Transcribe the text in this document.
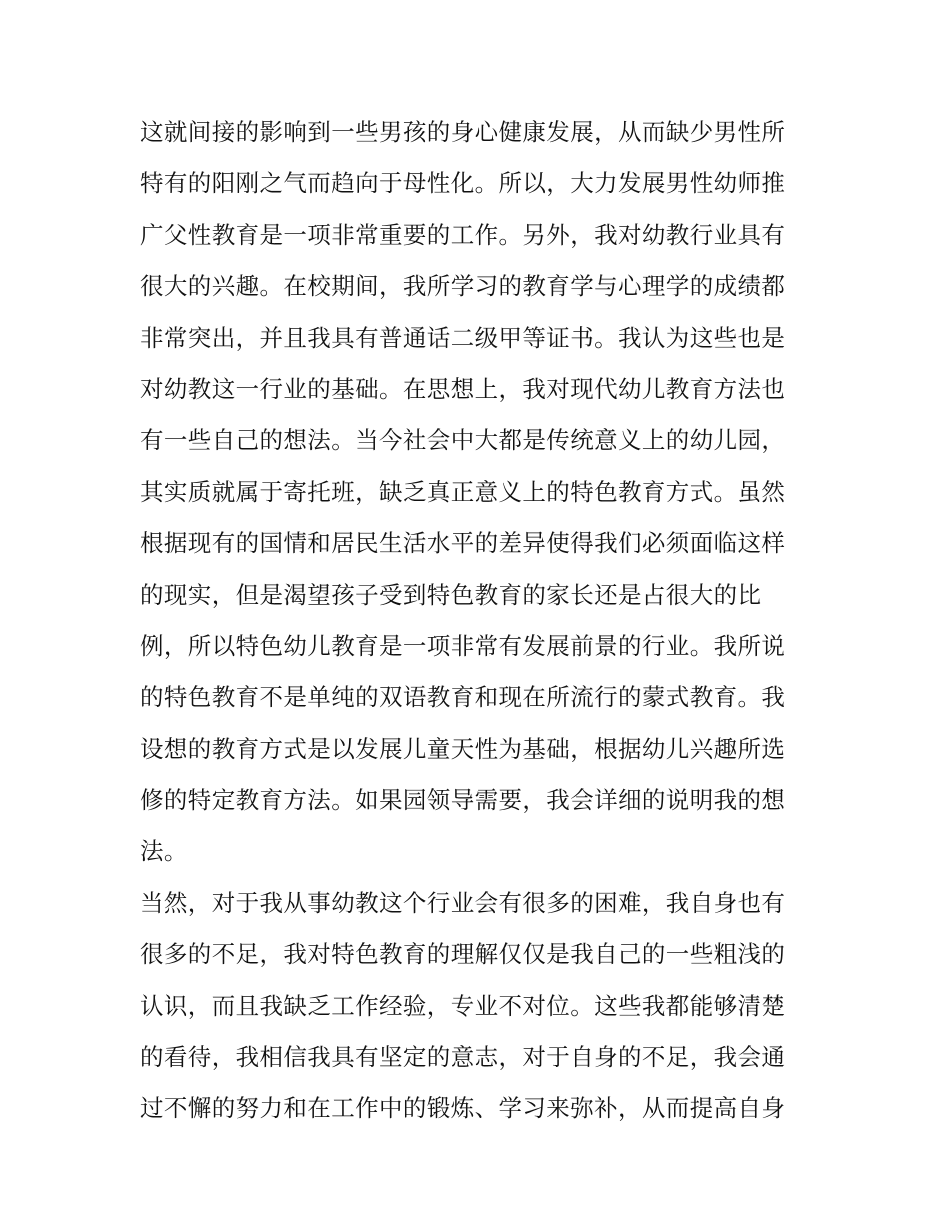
这就间接的影响到一些男孩的身心健康发展，从而缺少男性所
特有的阳刚之气而趋向于母性化。所以，大力发展男性幼师推
广父性教育是一项非常重要的工作。另外，我对幼教行业具有
很大的兴趣。在校期间，我所学习的教育学与心理学的成绩都
非常突出，并且我具有普通话二级甲等证书。我认为这些也是
对幼教这一行业的基础。在思想上，我对现代幼儿教育方法也
有一些自己的想法。当今社会中大都是传统意义上的幼儿园，
其实质就属于寄托班，缺乏真正意义上的特色教育方式。虽然
根据现有的国情和居民生活水平的差异使得我们必须面临这样
的现实，但是渴望孩子受到特色教育的家长还是占很大的比
例，所以特色幼儿教育是一项非常有发展前景的行业。我所说
的特色教育不是单纯的双语教育和现在所流行的蒙式教育。我
设想的教育方式是以发展儿童天性为基础，根据幼儿兴趣所选
修的特定教育方法。如果园领导需要，我会详细的说明我的想
法。
当然，对于我从事幼教这个行业会有很多的困难，我自身也有
很多的不足，我对特色教育的理解仅仅是我自己的一些粗浅的
认识，而且我缺乏工作经验，专业不对位。这些我都能够清楚
的看待，我相信我具有坚定的意志，对于自身的不足，我会通
过不懈的努力和在工作中的锻炼、学习来弥补，从而提高自身
